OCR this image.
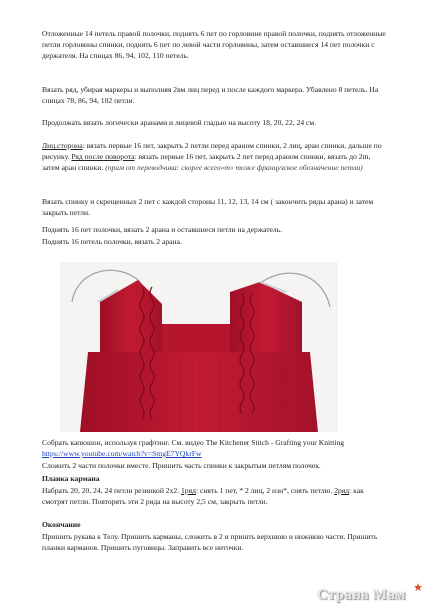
Отложенные 14 петель правой полочки, поднять 6 пет по горловине правой полочки, поднять отложенные петли горловины спинки, поднять 6 пет по левой части горловины, затем оставшиеся 14 пет полочки с держателя. На спицах 86, 94, 102, 110 петель.

Вязать ряд, убирая маркеры и выполняя 2вм лиц перед и после каждого маркера. Убавлено 8 петель. На спицах 78, 86, 94, 102 петли.

Продолжать вязать логически аранами и лицевой гладью на высоту 18, 20, 22, 24 см.

Лиц.сторона: вязать первые 16 пет, закрыть 2 петли перед араном спинки, 2 лиц, аран спинки, дальше по рисунку. Ряд после поворота: вязать первые 16 пет, закрыть 2 пет перед араном спинки, вязать до 2m, затем аран спинки. (прим от переводчика: скорее всего«m» тоже французское обозначение петли)

Вязать спинку и скрещенных 2 пет с каждой стороны 11, 12, 13, 14 см ( закончить ряды арана) и затем закрыть петли.

Поднять 16 пет полочки, вязать 2 арана и оставшиеся петли на держатель.

Поднять 16 петель полочки, вязать 2 арана.

Собрать капюшон, используя графтинг. См. видео The Kitchener Stitch - Grafting your Knitting https://www.youtube.com/watch?v=SmgE7YQkrFw

Сложить 2 части полочки вместе. Пришить часть спинки к закрытым петлям полочек.

Планка кармана

Набрать 20, 20, 24, 24 петли резинкой 2х2. 1ряд: снять 1 пет, * 2 лиц, 2 изн*, снять петлю. 2ряд: как смотрят петли. Повторять эти 2 ряда на высоту 2,5 см, закрыть петли.

Окончание

Пришить рукава к Телу. Пришить карманы, сложить в 2 и пришть верхнюю и нижнюю части. Пришить планки карманов. Пришить пуговицы. Заправить все ниточки.

Страна Мам ★
